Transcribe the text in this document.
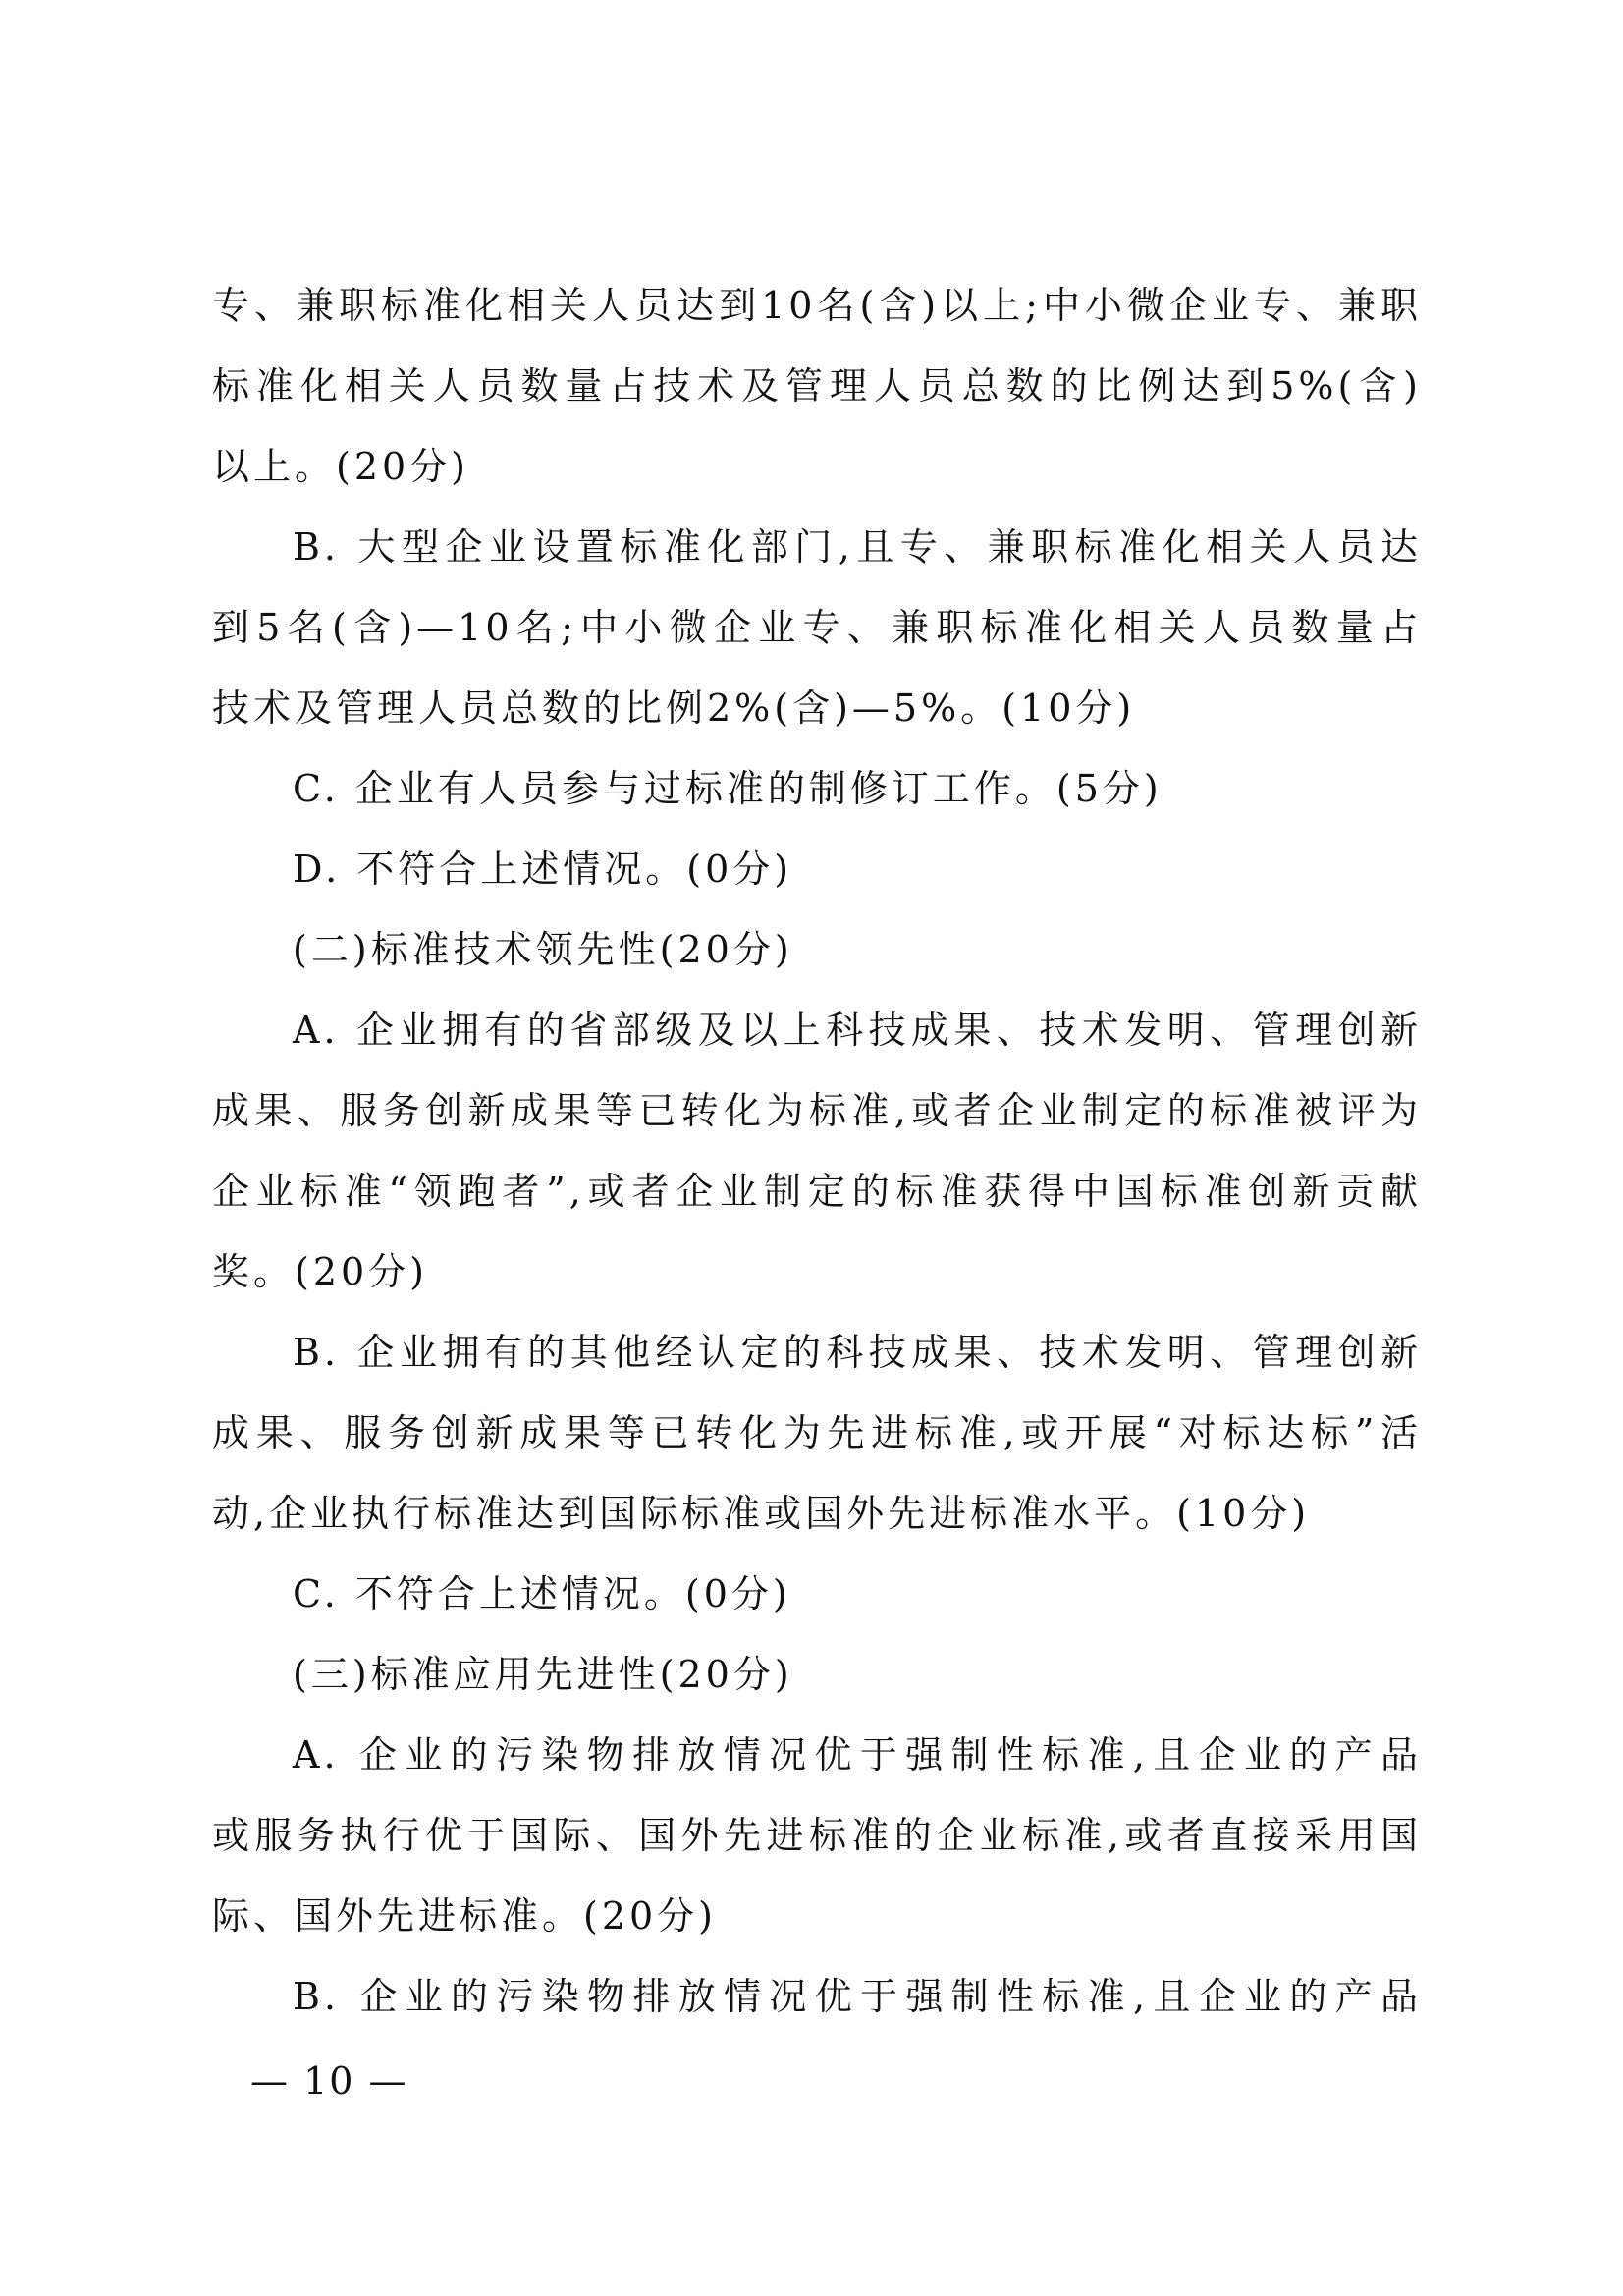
专、兼职标准化相关人员达到10名(含)以上;中小微企业专、兼职
标准化相关人员数量占技术及管理人员总数的比例达到5%(含)
以上。(20分)
B. 大型企业设置标准化部门,且专、兼职标准化相关人员达
到5名(含)—10名;中小微企业专、兼职标准化相关人员数量占
技术及管理人员总数的比例2%(含)—5%。(10分)
C. 企业有人员参与过标准的制修订工作。(5分)
D. 不符合上述情况。(0分)
(二)标准技术领先性(20分)
A. 企业拥有的省部级及以上科技成果、技术发明、管理创新
成果、服务创新成果等已转化为标准,或者企业制定的标准被评为
企业标准“领跑者”,或者企业制定的标准获得中国标准创新贡献
奖。(20分)
B. 企业拥有的其他经认定的科技成果、技术发明、管理创新
成果、服务创新成果等已转化为先进标准,或开展“对标达标”活
动,企业执行标准达到国际标准或国外先进标准水平。(10分)
C. 不符合上述情况。(0分)
(三)标准应用先进性(20分)
A. 企业的污染物排放情况优于强制性标准,且企业的产品
或服务执行优于国际、国外先进标准的企业标准,或者直接采用国
际、国外先进标准。(20分)
B. 企业的污染物排放情况优于强制性标准,且企业的产品
— 10 —
